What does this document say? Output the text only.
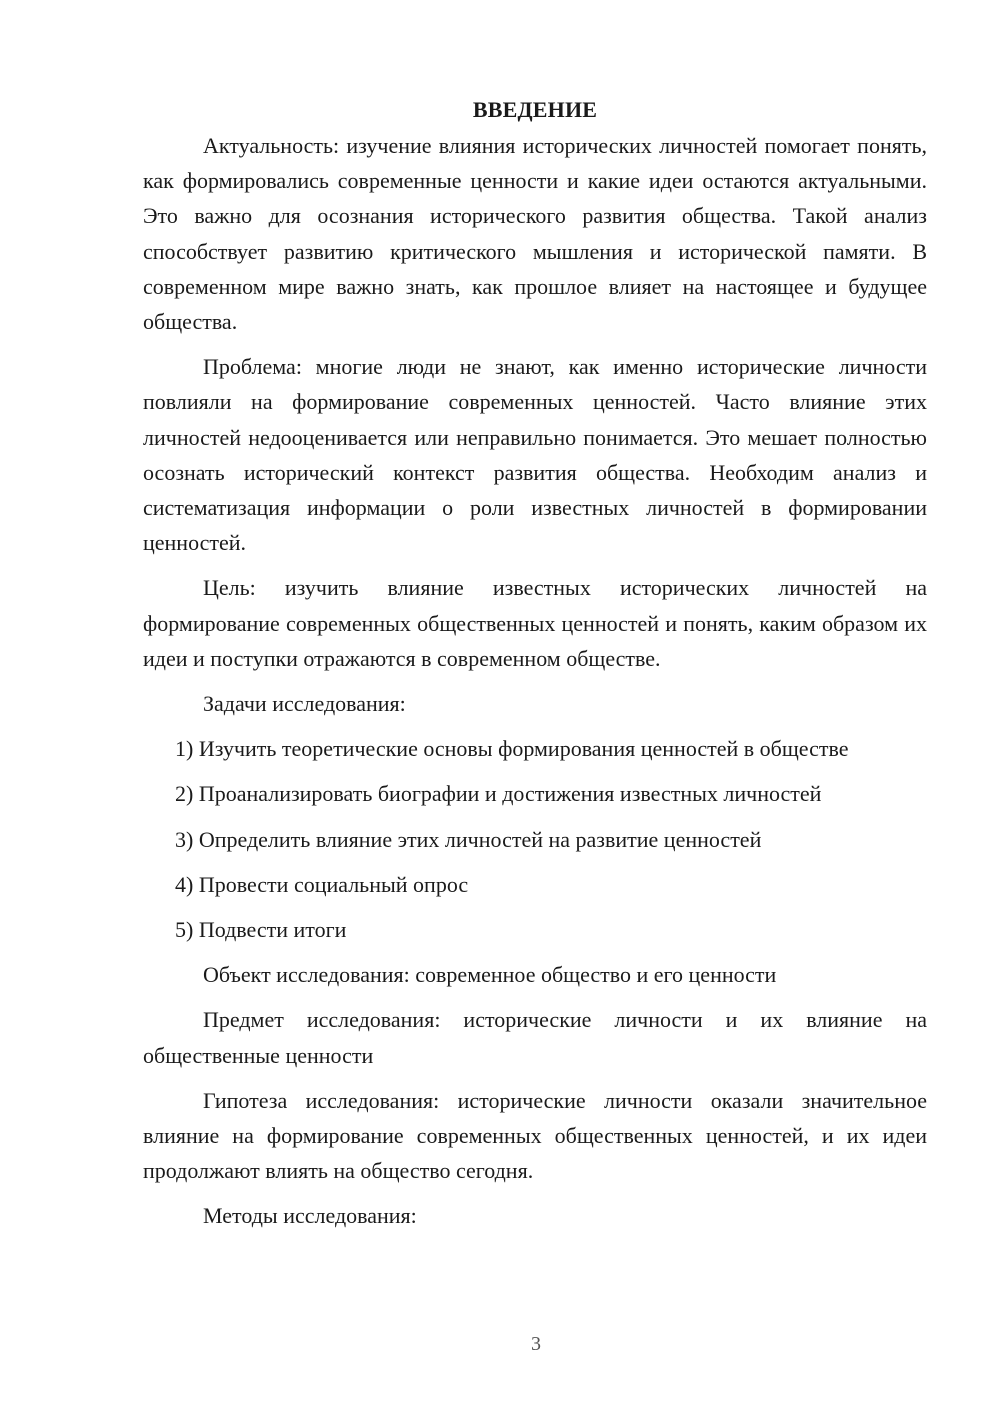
ВВЕДЕНИЕ

Актуальность: изучение влияния исторических личностей помогает понять, как формировались современные ценности и какие идеи остаются актуальными. Это важно для осознания исторического развития общества. Такой анализ способствует развитию критического мышления и исторической памяти. В современном мире важно знать, как прошлое влияет на настоящее и будущее общества.

Проблема: многие люди не знают, как именно исторические личности повлияли на формирование современных ценностей. Часто влияние этих личностей недооценивается или неправильно понимается. Это мешает полностью осознать исторический контекст развития общества. Необходим анализ и систематизация информации о роли известных личностей в формировании ценностей.

Цель: изучить влияние известных исторических личностей на формирование современных общественных ценностей и понять, каким образом их идеи и поступки отражаются в современном обществе.

Задачи исследования:

1) Изучить теоретические основы формирования ценностей в обществе

2) Проанализировать биографии и достижения известных личностей

3) Определить влияние этих личностей на развитие ценностей

4) Провести социальный опрос

5) Подвести итоги

Объект исследования: современное общество и его ценности

Предмет исследования: исторические личности и их влияние на общественные ценности

Гипотеза исследования: исторические личности оказали значительное влияние на формирование современных общественных ценностей, и их идеи продолжают влиять на общество сегодня.

Методы исследования:

3
